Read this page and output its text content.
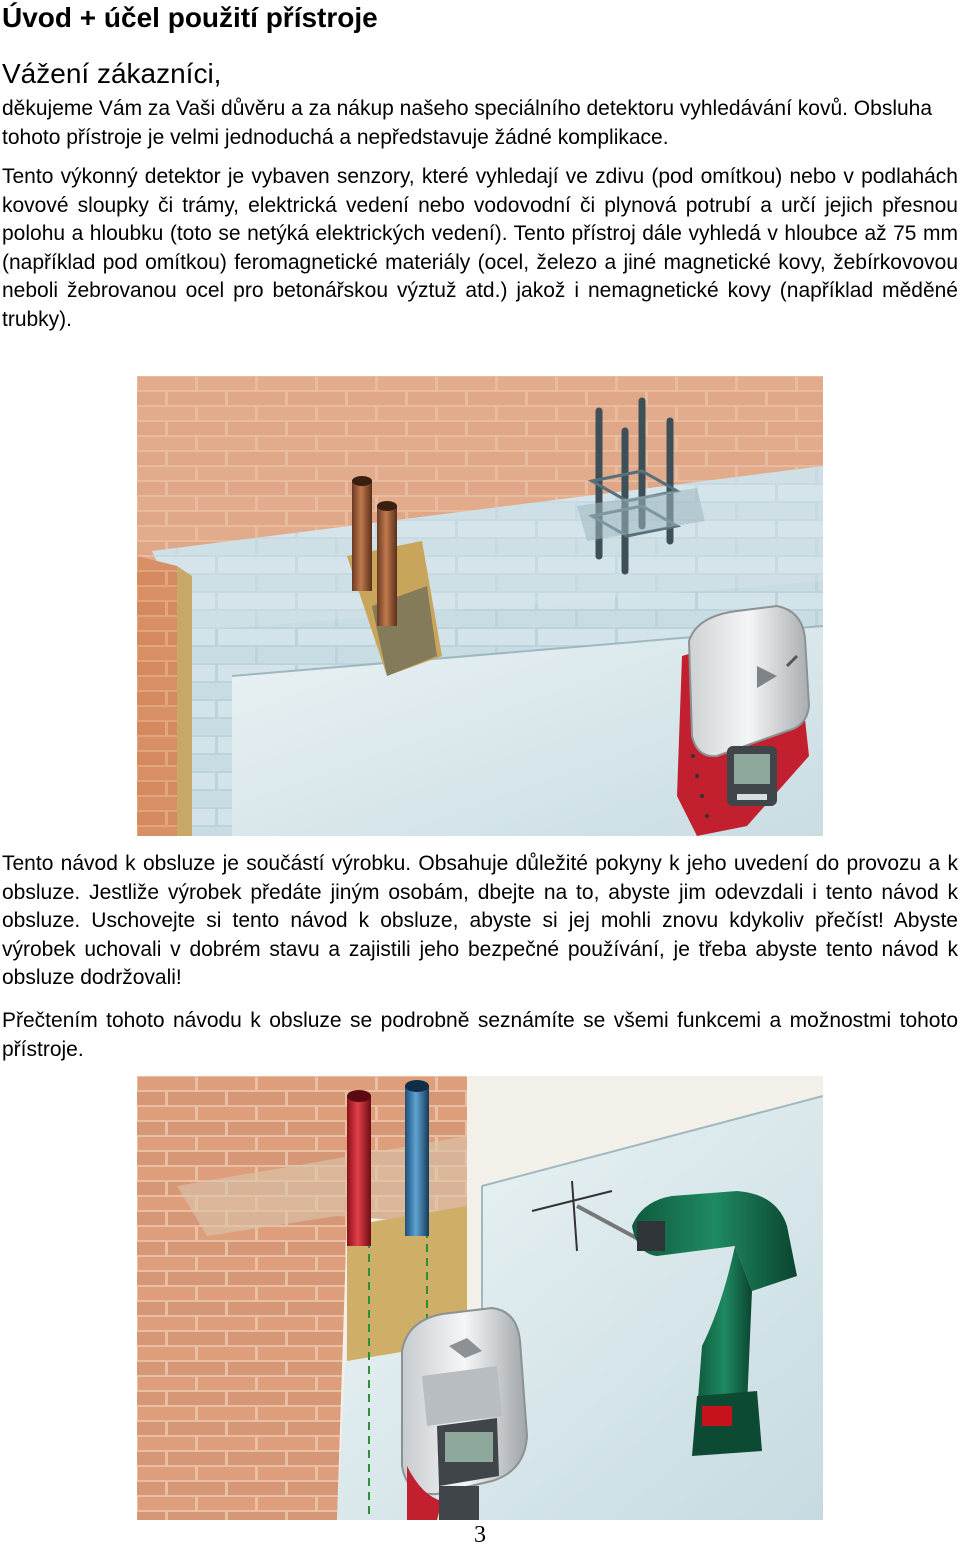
Úvod + účel použití přístroje
Vážení zákazníci,

děkujeme Vám za Vaši důvěru a za nákup našeho speciálního detektoru vyhledávání kovů. Obsluha tohoto přístroje je velmi jednoduchá a nepředstavuje žádné komplikace.

Tento výkonný detektor je vybaven senzory, které vyhledají ve zdivu (pod omítkou) nebo v podlahách kovové sloupky či trámy, elektrická vedení nebo vodovodní či plynová potrubí a určí jejich přesnou polohu a hloubku (toto se netýká elektrických vedení). Tento přístroj dále vyhledá v hloubce až 75 mm (například pod omítkou) feromagnetické materiály (ocel, železo a jiné magnetické kovy, žebírkovovou neboli žebrovanou ocel pro betonářskou výztuž atd.) jakož i nemagnetické kovy (například měděné trubky).

Tento návod k obsluze je součástí výrobku. Obsahuje důležité pokyny k jeho uvedení do provozu a k obsluze. Jestliže výrobek předáte jiným osobám, dbejte na to, abyste jim odevzdali i tento návod k obsluze. Uschovejte si tento návod k obsluze, abyste si jej mohli znovu kdykoliv přečíst! Abyste výrobek uchovali v dobrém stavu a zajistili jeho bezpečné používání, je třeba abyste tento návod k obsluze dodržovali!

Přečtením tohoto návodu k obsluze se podrobně seznámíte se všemi funkcemi a možnostmi tohoto přístroje.

3
